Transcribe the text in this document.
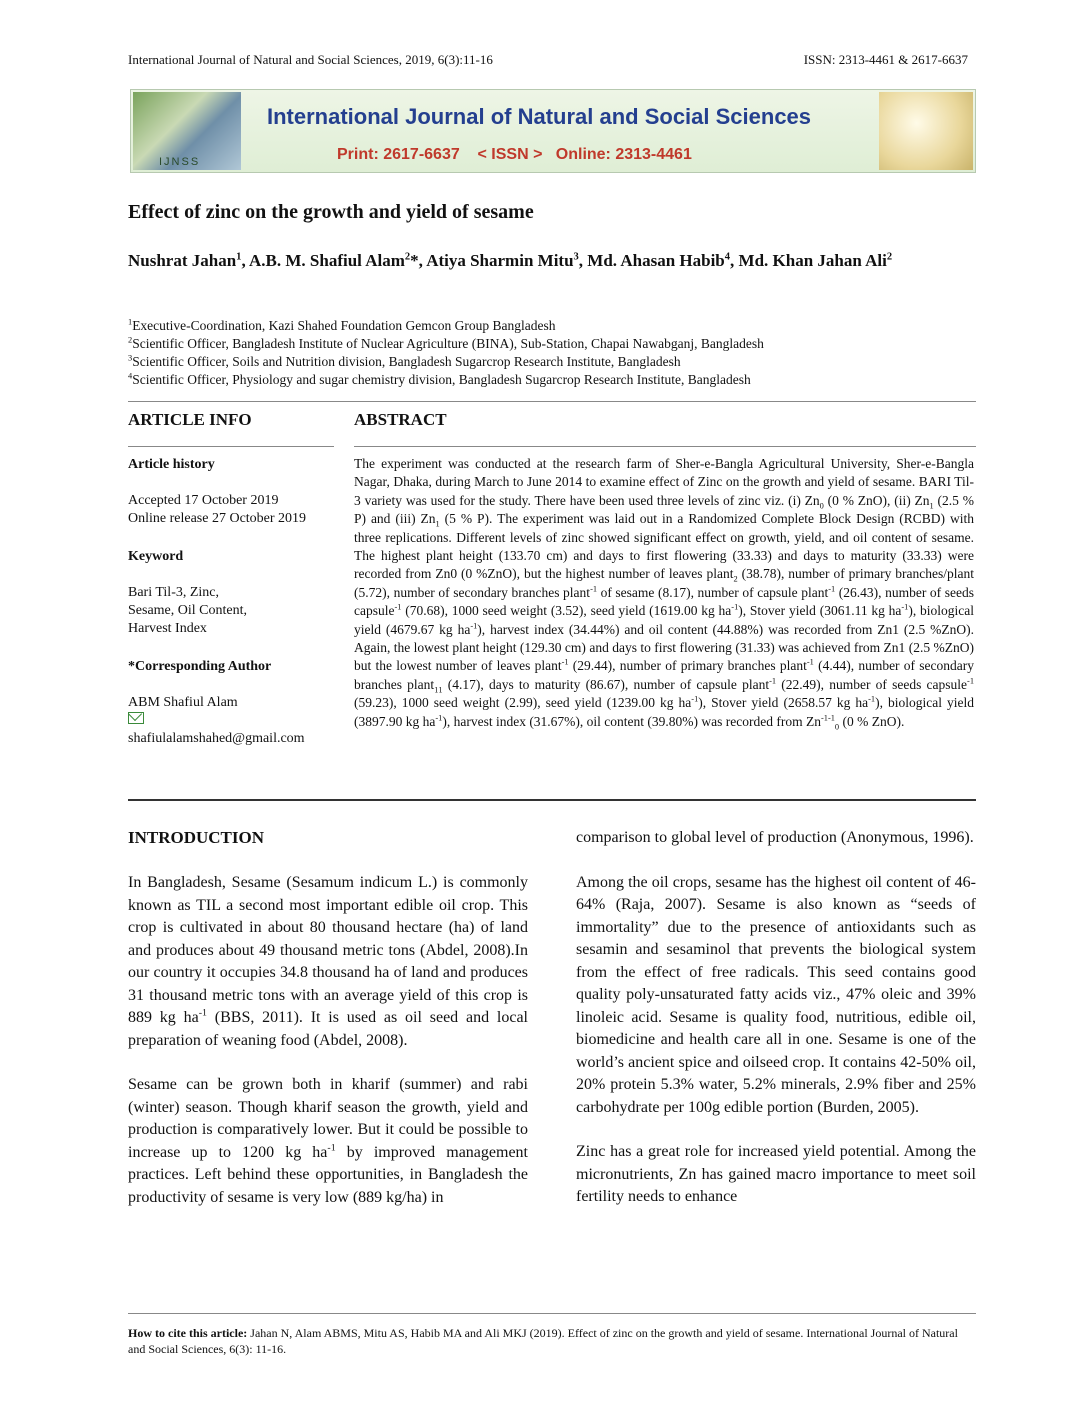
International Journal of Natural and Social Sciences, 2019, 6(3):11-16	ISSN: 2313-4461 & 2617-6637
IJNSS
International Journal of Natural and Social Sciences
Print: 2617-6637    < ISSN >   Online: 2313-4461
Effect of zinc on the growth and yield of sesame
Nushrat Jahan$^1$, A.B. M. Shafiul Alam$^2$*, Atiya Sharmin Mitu$^3$, Md. Ahasan Habib$^4$, Md. Khan Jahan Ali$^2$
$^1$Executive-Coordination, Kazi Shahed Foundation Gemcon Group Bangladesh
$^2$Scientific Officer, Bangladesh Institute of Nuclear Agriculture (BINA), Sub-Station, Chapai Nawabganj, Bangladesh
$^3$Scientific Officer, Soils and Nutrition division, Bangladesh Sugarcrop Research Institute, Bangladesh
$^4$Scientific Officer, Physiology and sugar chemistry division, Bangladesh Sugarcrop Research Institute, Bangladesh
ARTICLE INFO
Article history
Accepted 17 October 2019
Online release 27 October 2019
Keyword
Bari Til-3, Zinc,
Sesame, Oil Content,
Harvest Index
*Corresponding Author
ABM Shafiul Alam
shafiulalamshahed@gmail.com
ABSTRACT
The experiment was conducted at the research farm of Sher-e-Bangla Agricultural University, Sher-e-Bangla Nagar, Dhaka, during March to June 2014 to examine effect of Zinc on the growth and yield of sesame. BARI Til-3 variety was used for the study. There have been used three levels of zinc viz. (i) $Zn_0$ (0 % ZnO), (ii) $Zn_1$ (2.5 % P) and (iii) $Zn_1$ (5 % P). The experiment was laid out in a Randomized Complete Block Design (RCBD) with three replications. Different levels of zinc showed significant effect on growth, yield, and oil content of sesame. The highest plant height (133.70 cm) and days to first flowering (33.33) and days to maturity (33.33) were recorded from Zn0 (0 %ZnO), but the highest number of leaves plant$_2$ (38.78), number of primary branches/plant (5.72), number of secondary branches plant$^{-1}$ of sesame (8.17), number of capsule plant$^{-1}$ (26.43), number of seeds capsule$^{-1}$ (70.68), 1000 seed weight (3.52), seed yield (1619.00 kg $ha^{-1}$), Stover yield (3061.11 kg $ha^{-1}$), biological yield (4679.67 kg $ha^{-1}$), harvest index (34.44%) and oil content (44.88%) was recorded from Zn1 (2.5 %ZnO). Again, the lowest plant height (129.30 cm) and days to first flowering (31.33) was achieved from Zn1 (2.5 %ZnO) but the lowest number of leaves plant$^{-1}$ (29.44), number of primary branches plant$^{-1}$ (4.44), number of secondary branches plant$_{11}$ (4.17), days to maturity (86.67), number of capsule plant$^{-1}$ (22.49), number of seeds capsule$^{-1}$ (59.23), 1000 seed weight (2.99), seed yield (1239.00 kg $ha^{-1}$), Stover yield (2658.57 kg $ha^{-1}$), biological yield (3897.90 kg $ha^{-1}$), harvest index (31.67%), oil content (39.80%) was recorded from $Zn^{-1-1}_0$ (0 % ZnO).
INTRODUCTION

In Bangladesh, Sesame (Sesamum indicum L.) is commonly known as TIL a second most important edible oil crop. This crop is cultivated in about 80 thousand hectare (ha) of land and produces about 49 thousand metric tons (Abdel, 2008).In our country it occupies 34.8 thousand ha of land and produces 31 thousand metric tons with an average yield of this crop is 889 kg $ha^{-1}$ (BBS, 2011). It is used as oil seed and local preparation of weaning food (Abdel, 2008).

Sesame can be grown both in kharif (summer) and rabi (winter) season. Though kharif season the growth, yield and production is comparatively lower. But it could be possible to increase up to 1200 kg $ha^{-1}$ by improved management practices. Left behind these opportunities, in Bangladesh the productivity of sesame is very low (889 kg/ha) in

comparison to global level of production (Anonymous, 1996).

Among the oil crops, sesame has the highest oil content of 46-64% (Raja, 2007). Sesame is also known as “seeds of immortality” due to the presence of antioxidants such as sesamin and sesaminol that prevents the biological system from the effect of free radicals. This seed contains good quality poly-unsaturated fatty acids viz., 47% oleic and 39% linoleic acid. Sesame is quality food, nutritious, edible oil, biomedicine and health care all in one. Sesame is one of the world’s ancient spice and oilseed crop. It contains 42-50% oil, 20% protein 5.3% water, 5.2% minerals, 2.9% fiber and 25% carbohydrate per 100g edible portion (Burden, 2005).

Zinc has a great role for increased yield potential. Among the micronutrients, Zn has gained macro importance to meet soil fertility needs to enhance

How to cite this article: Jahan N, Alam ABMS, Mitu AS, Habib MA and Ali MKJ (2019). Effect of zinc on the growth and yield of sesame. International Journal of Natural and Social Sciences, 6(3): 11-16.
